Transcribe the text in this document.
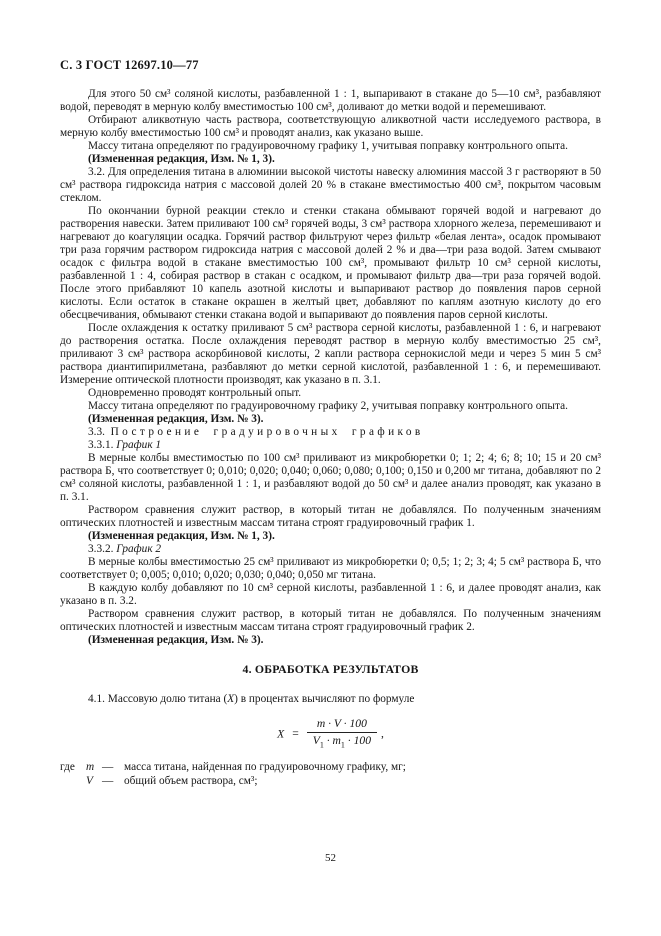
С. 3 ГОСТ 12697.10—77

Для этого 50 см³ соляной кислоты, разбавленной 1 : 1, выпаривают в стакане до 5—10 см³, разбавляют водой, переводят в мерную колбу вместимостью 100 см³, доливают до метки водой и перемешивают.

Отбирают аликвотную часть раствора, соответствующую аликвотной части исследуемого раствора, в мерную колбу вместимостью 100 см³ и проводят анализ, как указано выше.

Массу титана определяют по градуировочному графику 1, учитывая поправку контрольного опыта.

(Измененная редакция, Изм. № 1, 3).

3.2. Для определения титана в алюминии высокой чистоты навеску алюминия массой 3 г растворяют в 50 см³ раствора гидроксида натрия с массовой долей 20 % в стакане вместимостью 400 см³, покрытом часовым стеклом.

По окончании бурной реакции стекло и стенки стакана обмывают горячей водой и нагревают до растворения навески. Затем приливают 100 см³ горячей воды, 3 см³ раствора хлорного железа, перемешивают и нагревают до коагуляции осадка. Горячий раствор фильтруют через фильтр «белая лента», осадок промывают три раза горячим раствором гидроксида натрия с массовой долей 2 % и два—три раза водой. Затем смывают осадок с фильтра водой в стакане вместимостью 100 см³, промывают фильтр 10 см³ серной кислоты, разбавленной 1 : 4, собирая раствор в стакан с осадком, и промывают фильтр два—три раза горячей водой. После этого прибавляют 10 капель азотной кислоты и выпаривают раствор до появления паров серной кислоты. Если остаток в стакане окрашен в желтый цвет, добавляют по каплям азотную кислоту до его обесцвечивания, обмывают стенки стакана водой и выпаривают до появления паров серной кислоты.

После охлаждения к остатку приливают 5 см³ раствора серной кислоты, разбавленной 1 : 6, и нагревают до растворения остатка. После охлаждения переводят раствор в мерную колбу вместимостью 25 см³, приливают 3 см³ раствора аскорбиновой кислоты, 2 капли раствора сернокислой меди и через 5 мин 5 см³ раствора диантипирилметана, разбавляют до метки серной кислотой, разбавленной 1 : 6, и перемешивают. Измерение оптической плотности производят, как указано в п. 3.1.

Одновременно проводят контрольный опыт.

Массу титана определяют по градуировочному графику 2, учитывая поправку контрольного опыта.

(Измененная редакция, Изм. № 3).

3.3. Построение градуировочных графиков

3.3.1. График 1

В мерные колбы вместимостью по 100 см³ приливают из микробюретки 0; 1; 2; 4; 6; 8; 10; 15 и 20 см³ раствора Б, что соответствует 0; 0,010; 0,020; 0,040; 0,060; 0,080; 0,100; 0,150 и 0,200 мг титана, добавляют по 2 см³ соляной кислоты, разбавленной 1 : 1, и разбавляют водой до 50 см³ и далее анализ проводят, как указано в п. 3.1.

Раствором сравнения служит раствор, в который титан не добавлялся. По полученным значениям оптических плотностей и известным массам титана строят градуировочный график 1.

(Измененная редакция, Изм. № 1, 3).

3.3.2. График 2

В мерные колбы вместимостью 25 см³ приливают из микробюретки 0; 0,5; 1; 2; 3; 4; 5 см³ раствора Б, что соответствует 0; 0,005; 0,010; 0,020; 0,030; 0,040; 0,050 мг титана.

В каждую колбу добавляют по 10 см³ серной кислоты, разбавленной 1 : 6, и далее проводят анализ, как указано в п. 3.2.

Раствором сравнения служит раствор, в который титан не добавлялся. По полученным значениям оптических плотностей и известным массам титана строят градуировочный график 2.

(Измененная редакция, Изм. № 3).

4. ОБРАБОТКА РЕЗУЛЬТАТОВ

4.1. Массовую долю титана (X) в процентах вычисляют по формуле

$X = \frac{m \cdot V \cdot 100}{V_1 \cdot m_1 \cdot 100}$ ,
где m — масса титана, найденная по градуировочному графику, мг;
V — общий объем раствора, см³;
52
